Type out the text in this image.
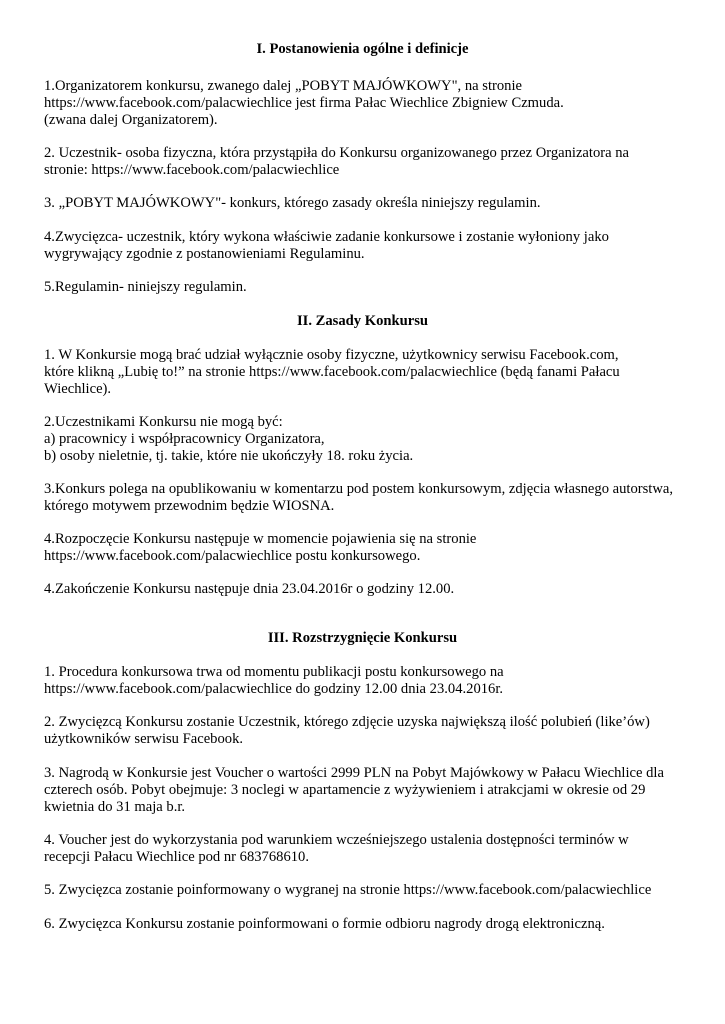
I. Postanowienia ogólne i definicje
1.Organizatorem konkursu, zwanego dalej „POBYT MAJÓWKOWY", na stronie
https://www.facebook.com/palacwiechlice jest firma Pałac Wiechlice Zbigniew Czmuda.
(zwana dalej Organizatorem).
2. Uczestnik- osoba fizyczna, która przystąpiła do Konkursu organizowanego przez Organizatora na
stronie: https://www.facebook.com/palacwiechlice
3. „POBYT MAJÓWKOWY"- konkurs, którego zasady określa niniejszy regulamin.
4.Zwycięzca- uczestnik, który wykona właściwie zadanie konkursowe i zostanie wyłoniony jako
wygrywający zgodnie z postanowieniami Regulaminu.
5.Regulamin- niniejszy regulamin.
II. Zasady Konkursu
1. W Konkursie mogą brać udział wyłącznie osoby fizyczne, użytkownicy serwisu Facebook.com,
które klikną „Lubię to!” na stronie https://www.facebook.com/palacwiechlice (będą fanami Pałacu
Wiechlice).
2.Uczestnikami Konkursu nie mogą być:
a) pracownicy i współpracownicy Organizatora,
b) osoby nieletnie, tj. takie, które nie ukończyły 18. roku życia.
3.Konkurs polega na opublikowaniu w komentarzu pod postem konkursowym, zdjęcia własnego autorstwa,
którego motywem przewodnim będzie WIOSNA.
4.Rozpoczęcie Konkursu następuje w momencie pojawienia się na stronie
https://www.facebook.com/palacwiechlice postu konkursowego.
4.Zakończenie Konkursu następuje dnia 23.04.2016r o godziny 12.00.
III. Rozstrzygnięcie Konkursu
1. Procedura konkursowa trwa od momentu publikacji postu konkursowego na
https://www.facebook.com/palacwiechlice do godziny 12.00 dnia 23.04.2016r.
2. Zwycięzcą Konkursu zostanie Uczestnik, którego zdjęcie uzyska największą ilość polubień (like’ów)
użytkowników serwisu Facebook.
3. Nagrodą w Konkursie jest Voucher o wartości 2999 PLN na Pobyt Majówkowy w Pałacu Wiechlice dla
czterech osób. Pobyt obejmuje: 3 noclegi w apartamencie z wyżywieniem i atrakcjami w okresie od 29
kwietnia do 31 maja b.r.
4. Voucher jest do wykorzystania pod warunkiem wcześniejszego ustalenia dostępności terminów w
recepcji Pałacu Wiechlice pod nr 683768610.
5. Zwycięzca zostanie poinformowany o wygranej na stronie https://www.facebook.com/palacwiechlice
6. Zwycięzca Konkursu zostanie poinformowani o formie odbioru nagrody drogą elektroniczną.
